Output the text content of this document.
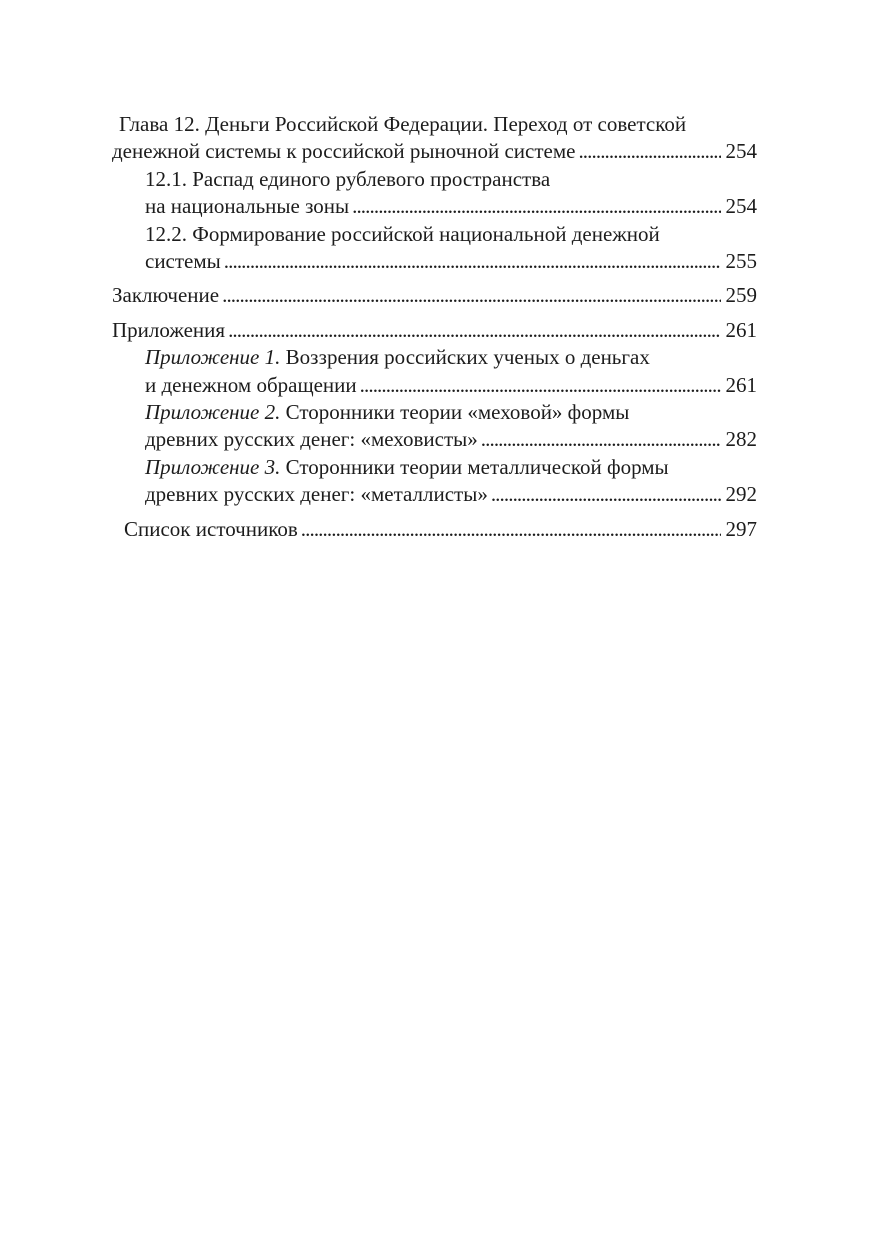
Глава 12. Деньги Российской Федерации. Переход от советской
денежной системы к российской рыночной системе .....	254
12.1. Распад единого рублевого пространства
на национальные зоны .....	254
12.2. Формирование российской национальной денежной
системы .....	255
Заключение .....	259
Приложения .....	261
Приложение 1. Воззрения российских ученых о деньгах
и денежном обращении .....	261
Приложение 2. Сторонники теории «меховой» формы
древних русских денег: «меховисты» .....	282
Приложение 3. Сторонники теории металлической формы
древних русских денег: «металлисты» .....	292
Список источников .....	297
